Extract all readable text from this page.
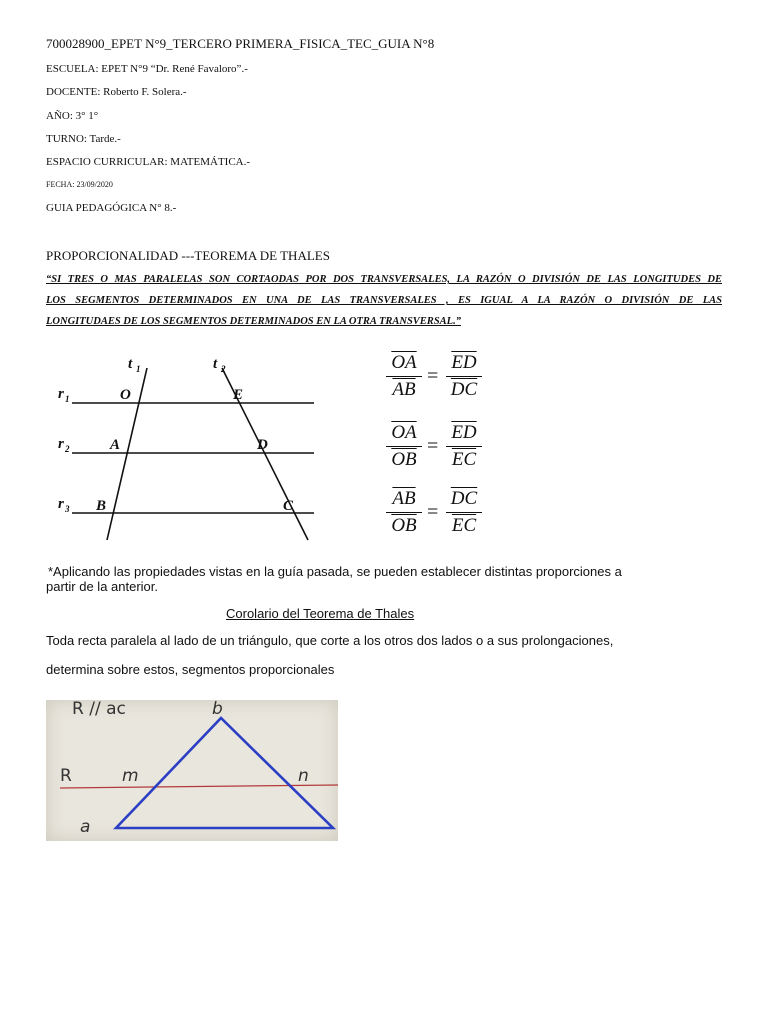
700028900_EPET N°9_TERCERO PRIMERA_FISICA_TEC_GUIA N°8
ESCUELA: EPET N°9 “Dr. René Favaloro”.-
DOCENTE: Roberto F. Solera.-
AÑO: 3° 1°
TURNO: Tarde.-
ESPACIO CURRICULAR: MATEMÁTICA.-
FECHA: 23/09/2020
GUIA PEDAGÓGICA N° 8.-
PROPORCIONALIDAD ---TEOREMA DE THALES
“SI TRES O MAS PARALELAS SON CORTAODAS POR DOS TRANSVERSALES, LA RAZÓN O DIVISIÓN DE LAS LONGITUDES DE
LOS SEGMENTOS DETERMINADOS EN UNA DE LAS TRANSVERSALES , ES IGUAL A LA RAZÓN O DIVISIÓN DE LAS
LONGITUDAES DE LOS SEGMENTOS DETERMINADOS EN LA OTRA TRANSVERSAL.”
t 1	t 2
r 1
r 2
r 3
O	E
A	D
B	C
$\overline{OA}$
$\overline{AB}$
=
$\overline{ED}$
$\overline{DC}$
$\overline{OA}$
$\overline{OB}$
=
$\overline{ED}$
$\overline{EC}$
$\overline{AB}$
$\overline{OB}$
=
$\overline{DC}$
$\overline{EC}$
*Aplicando las propiedades vistas en la guía pasada, se pueden establecer distintas proporciones a
partir de la anterior.
Corolario del Teorema de Thales
Toda recta paralela al lado de un triángulo, que corte a los otros dos lados o a sus prolongaciones,
determina sobre estos, segmentos proporcionales
R // ac	b
R	m	n
a
